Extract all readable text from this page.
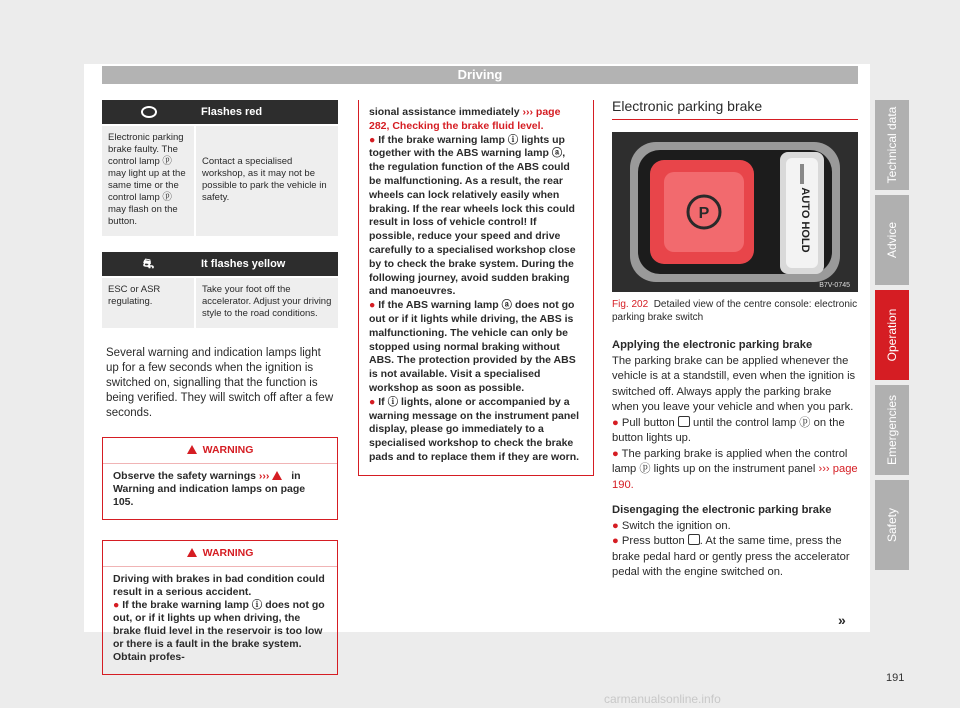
Driving
	Flashes red
Electronic parking brake faulty. The control lamp ⓟ may light up at the same time or the control lamp ⓟ may flash on the button.	Contact a specialised workshop, as it may not be possible to park the vehicle in safety.
⛐	It flashes yellow
ESC or ASR regulating.	Take your foot off the accelerator. Adjust your driving style to the road conditions.

Several warning and indication lamps light up for a few seconds when the ignition is switched on, signalling that the function is being verified. They will switch off after a few seconds.

WARNING
Observe the safety warnings ›››  in Warning and indication lamps on page 105.
WARNING
Driving with brakes in bad condition could result in a serious accident.
● If the brake warning lamp ⓘ does not go out, or if it lights up when driving, the brake fluid level in the reservoir is too low or there is a fault in the brake system. Obtain profes-
sional assistance immediately ››› page 282, Checking the brake fluid level.
● If the brake warning lamp ⓘ lights up together with the ABS warning lamp ⓐ, the regulation function of the ABS could be malfunctioning. As a result, the rear wheels can lock relatively easily when braking. If the rear wheels lock this could result in loss of vehicle control! If possible, reduce your speed and drive carefully to a specialised workshop close by to check the brake system. During the following journey, avoid sudden braking and manoeuvres.
● If the ABS warning lamp ⓐ does not go out or if it lights while driving, the ABS is malfunctioning. The vehicle can only be stopped using normal braking without ABS. The protection provided by the ABS is not available. Visit a specialised workshop as soon as possible.
● If ⓘ lights, alone or accompanied by a warning message on the instrument panel display, please go immediately to a specialised workshop to check the brake pads and to replace them if they are worn.
Electronic parking brake
P	AUTO HOLD
B7V-0745
Fig. 202 Detailed view of the centre console: electronic parking brake switch
Applying the electronic parking brake
The parking brake can be applied whenever the vehicle is at a standstill, even when the ignition is switched off. Always apply the parking brake when you leave your vehicle and when you park.
● Pull button  until the control lamp ⓟ on the button lights up.
● The parking brake is applied when the control lamp ⓟ lights up on the instrument panel ››› page 190.
Disengaging the electronic parking brake
● Switch the ignition on.
● Press button . At the same time, press the brake pedal hard or gently press the accelerator pedal with the engine switched on.
»
Technical data
Advice
Operation
Emergencies
Safety
191
carmanualsonline.info
